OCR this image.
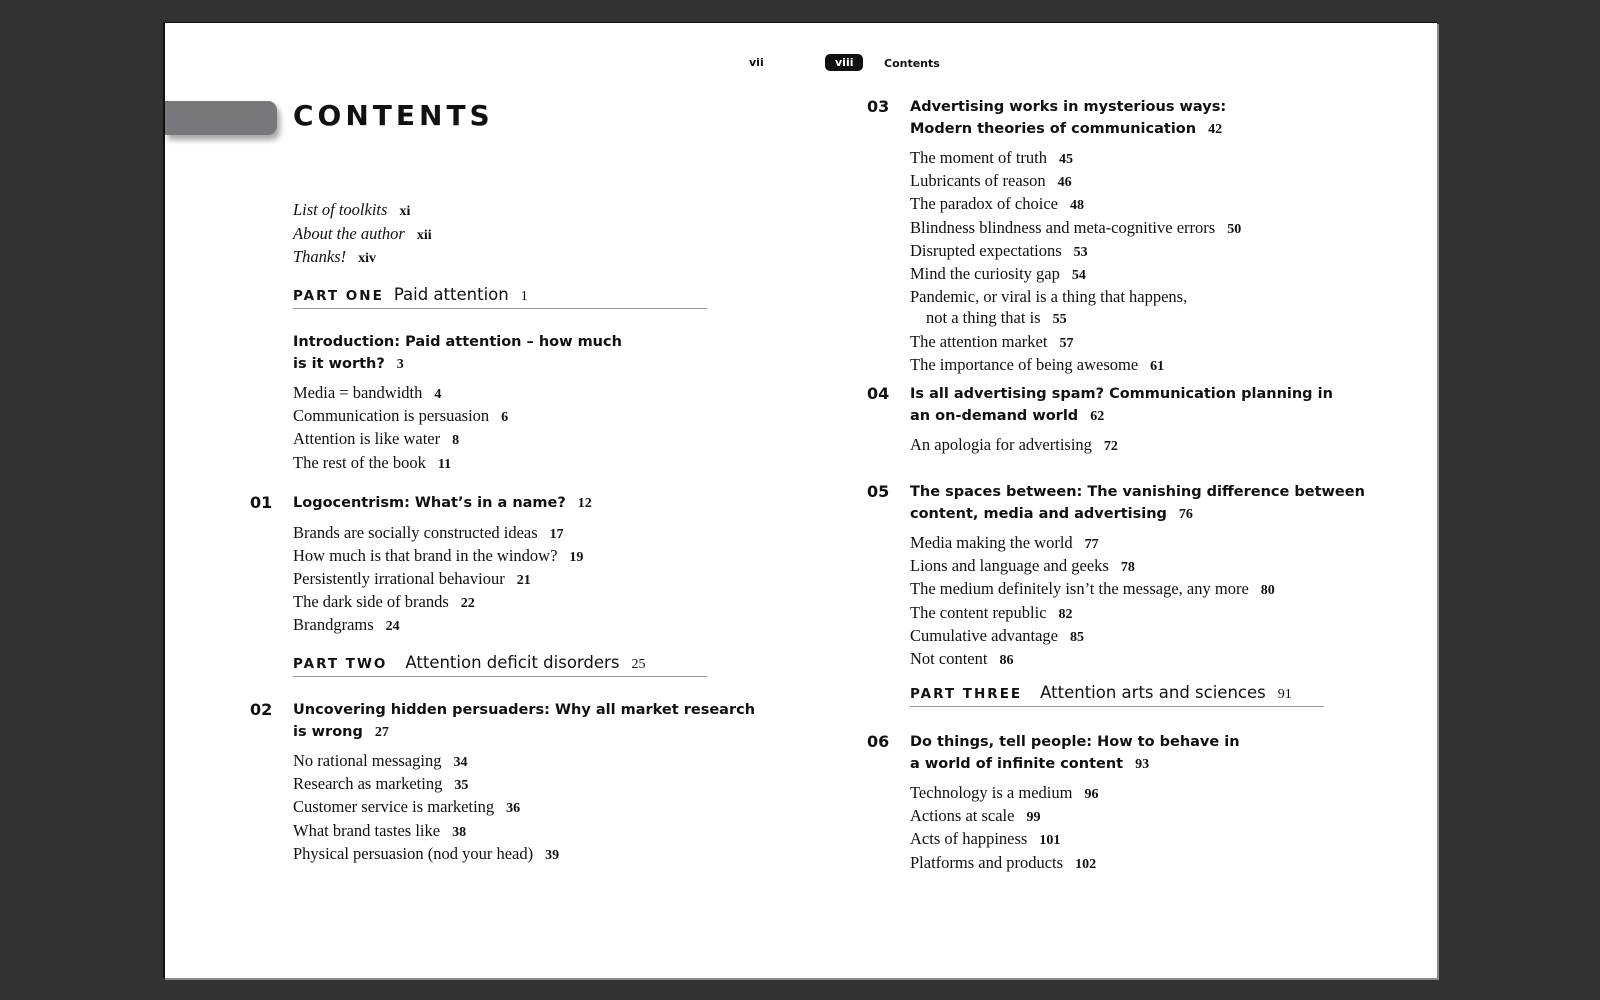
CONTENTS
vii	viii	Contents
List of toolkits xi
About the author xii
Thanks! xiv
PART ONE Paid attention 1
Introduction: Paid attention – how much
is it worth? 3
Media = bandwidth 4
Communication is persuasion 6
Attention is like water 8
The rest of the book 11
01 Logocentrism: What’s in a name? 12
Brands are socially constructed ideas 17
How much is that brand in the window? 19
Persistently irrational behaviour 21
The dark side of brands 22
Brandgrams 24
PART TWO Attention deficit disorders 25
02 Uncovering hidden persuaders: Why all market research
is wrong 27
No rational messaging 34
Research as marketing 35
Customer service is marketing 36
What brand tastes like 38
Physical persuasion (nod your head) 39
03 Advertising works in mysterious ways:
Modern theories of communication 42
The moment of truth 45
Lubricants of reason 46
The paradox of choice 48
Blindness blindness and meta-cognitive errors 50
Disrupted expectations 53
Mind the curiosity gap 54
Pandemic, or viral is a thing that happens,
not a thing that is 55
The attention market 57
The importance of being awesome 61
04 Is all advertising spam? Communication planning in
an on-demand world 62
An apologia for advertising 72
05 The spaces between: The vanishing difference between
content, media and advertising 76
Media making the world 77
Lions and language and geeks 78
The medium definitely isn’t the message, any more 80
The content republic 82
Cumulative advantage 85
Not content 86
PART THREE Attention arts and sciences 91
06 Do things, tell people: How to behave in
a world of infinite content 93
Technology is a medium 96
Actions at scale 99
Acts of happiness 101
Platforms and products 102
